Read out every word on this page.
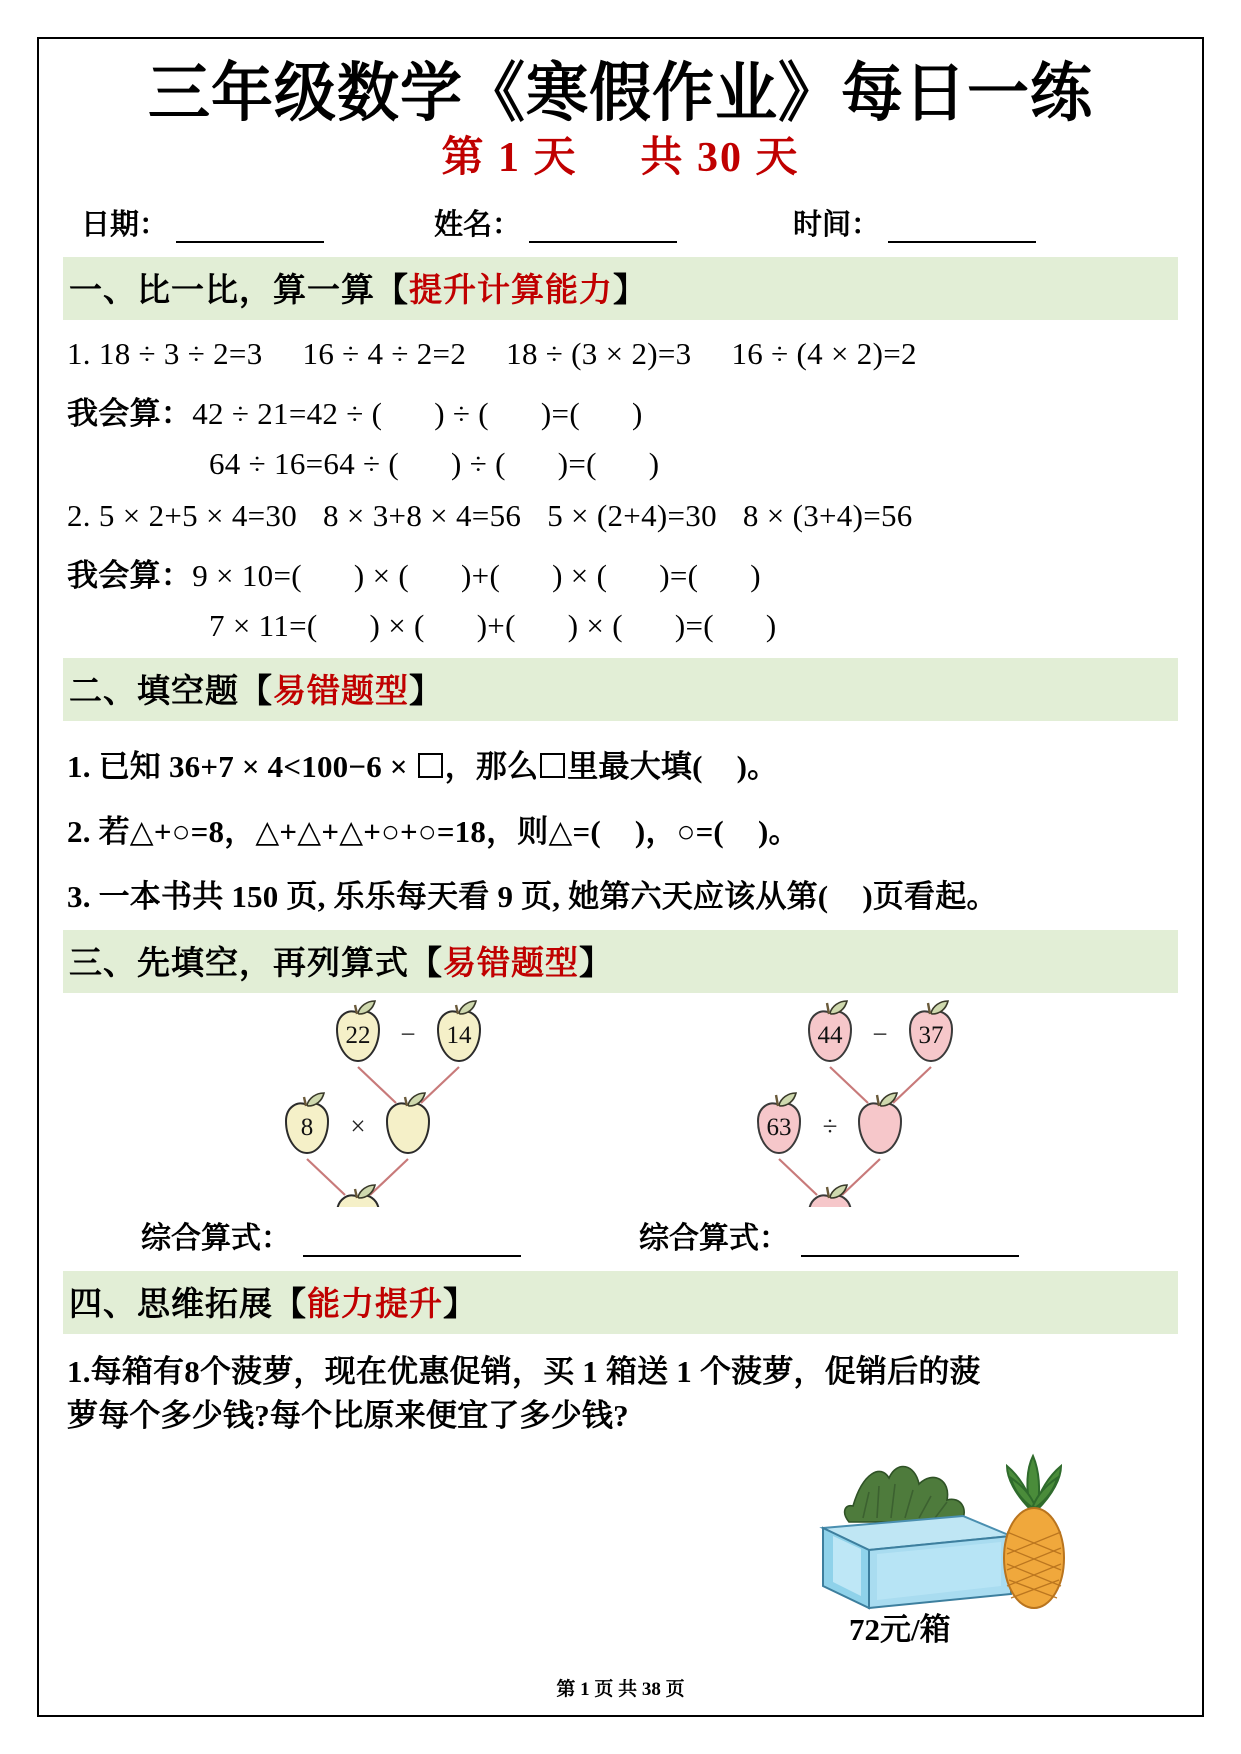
三年级数学《寒假作业》每日一练
第 1 天 共 30 天
日期：	姓名：	时间：
一、比一比，算一算【提升计算能力】
1. 18 ÷ 3 ÷ 2=3 16 ÷ 4 ÷ 2=2 18 ÷ (3 × 2)=3 16 ÷ (4 × 2)=2
我会算：42 ÷ 21=42 ÷ ( ) ÷ ( )=( )
64 ÷ 16=64 ÷ ( ) ÷ ( )=( )
2. 5 × 2+5 × 4=30 8 × 3+8 × 4=56 5 × (2+4)=30 8 × (3+4)=56
我会算：9 × 10=( ) × ( )+( ) × ( )=( )
7 × 11=( ) × ( )+( ) × ( )=( )
二、填空题【易错题型】
1. 已知 36+7 × 4<100−6 × ，那么 里最大填( )。
2. 若△+○=8，△+△+△+○+○=18，则△=( )，○=( )。
3. 一本书共 150 页, 乐乐每天看 9 页, 她第六天应该从第( )页看起。
三、先填空，再列算式【易错题型】
22 − 14
8 ×
44 − 37
63 ÷
综合算式：	综合算式：
四、思维拓展【能力提升】
1.每箱有8个菠萝，现在优惠促销，买 1 箱送 1 个菠萝，促销后的菠
萝每个多少钱?每个比原来便宜了多少钱?
72元/箱
第 1 页 共 38 页
